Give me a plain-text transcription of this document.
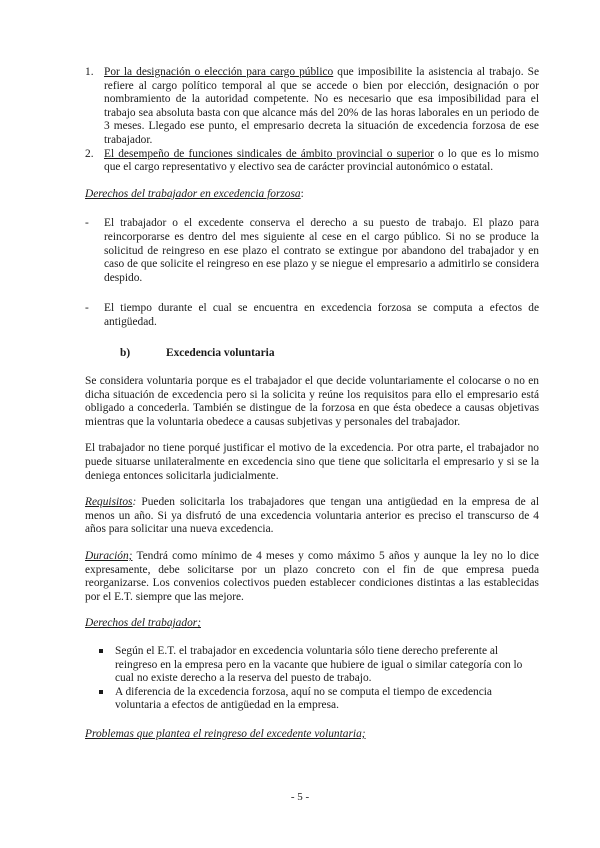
1. Por la designación o elección para cargo público que imposibilite la asistencia al trabajo. Se refiere al cargo político temporal al que se accede o bien por elección, designación o por nombramiento de la autoridad competente. No es necesario que esa imposibilidad para el trabajo sea absoluta basta con que alcance más del 20% de las horas laborales en un periodo de 3 meses. Llegado ese punto, el empresario decreta la situación de excedencia forzosa de ese trabajador.

2. El desempeño de funciones sindicales de ámbito provincial o superior o lo que es lo mismo que el cargo representativo y electivo sea de carácter provincial autonómico o estatal.

Derechos del trabajador en excedencia forzosa:

- El trabajador o el excedente conserva el derecho a su puesto de trabajo. El plazo para reincorporarse es dentro del mes siguiente al cese en el cargo público. Si no se produce la solicitud de reingreso en ese plazo el contrato se extingue por abandono del trabajador y en caso de que solicite el reingreso en ese plazo y se niegue el empresario a admitirlo se considera despido.

- El tiempo durante el cual se encuentra en excedencia forzosa se computa a efectos de antigüedad.

b)	Excedencia voluntaria

Se considera voluntaria porque es el trabajador el que decide voluntariamente el colocarse o no en dicha situación de excedencia pero si la solicita y reúne los requisitos para ello el empresario está obligado a concederla. También se distingue de la forzosa en que ésta obedece a causas objetivas mientras que la voluntaria obedece a causas subjetivas y personales del trabajador.

El trabajador no tiene porqué justificar el motivo de la excedencia. Por otra parte, el trabajador no puede situarse unilateralmente en excedencia sino que tiene que solicitarla el empresario y si se la deniega entonces solicitarla judicialmente.

Requisitos: Pueden solicitarla los trabajadores que tengan una antigüedad en la empresa de al menos un año. Si ya disfrutó de una excedencia voluntaria anterior es preciso el transcurso de 4 años para solicitar una nueva excedencia.

Duración; Tendrá como mínimo de 4 meses y como máximo 5 años y aunque la ley no lo dice expresamente, debe solicitarse por un plazo concreto con el fin de que empresa pueda reorganizarse. Los convenios colectivos pueden establecer condiciones distintas a las establecidas por el E.T. siempre que las mejore.

Derechos del trabajador;

Según el E.T. el trabajador en excedencia voluntaria sólo tiene derecho preferente al reingreso en la empresa pero en la vacante que hubiere de igual o similar categoría con lo cual no existe derecho a la reserva del puesto de trabajo.

A diferencia de la excedencia forzosa, aquí no se computa el tiempo de excedencia voluntaria a efectos de antigüedad en la empresa.

Problemas que plantea el reingreso del excedente voluntaria;

- 5 -
